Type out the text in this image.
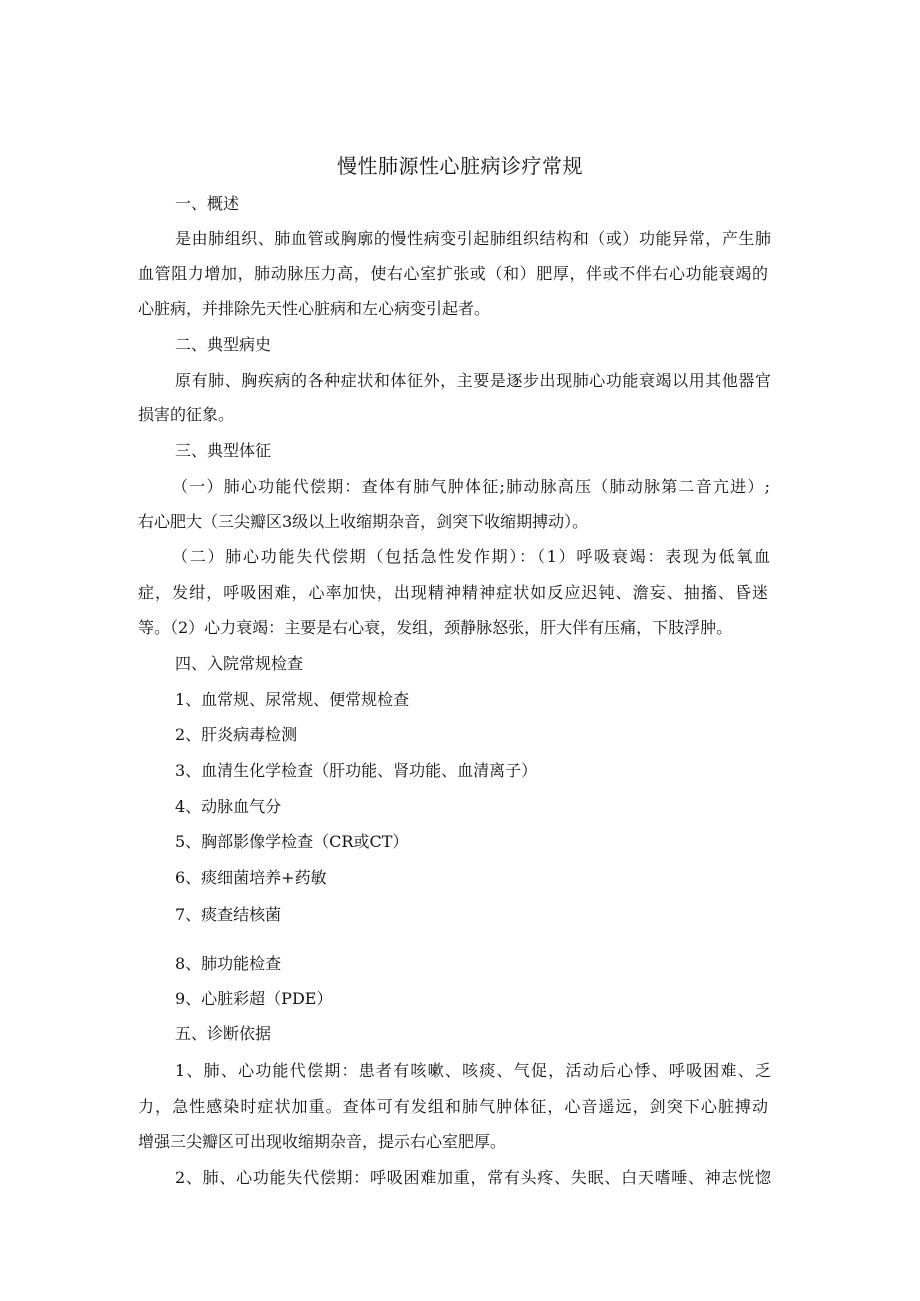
慢性肺源性心脏病诊疗常规
一、概述
是由肺组织、肺血管或胸廓的慢性病变引起肺组织结构和（或）功能异常，产生肺
血管阻力增加，肺动脉压力高，使右心室扩张或（和）肥厚，伴或不伴右心功能衰竭的
心脏病，并排除先天性心脏病和左心病变引起者。
二、典型病史
原有肺、胸疾病的各种症状和体征外，主要是逐步出现肺心功能衰竭以用其他器官
损害的征象。
三、典型体征
（一）肺心功能代偿期：查体有肺气肿体征;肺动脉高压（肺动脉第二音亢进）;
右心肥大（三尖瓣区3级以上收缩期杂音，剑突下收缩期搏动）。
（二）肺心功能失代偿期（包括急性发作期）：（1）呼吸衰竭：表现为低氧血
症，发绀，呼吸困难，心率加快，出现精神精神症状如反应迟钝、澹妄、抽搐、昏迷
等。（2）心力衰竭：主要是右心衰，发组，颈静脉怒张，肝大伴有压痛，下肢浮肿。
四、入院常规检查
1、血常规、尿常规、便常规检查
2、肝炎病毒检测
3、血清生化学检查（肝功能、肾功能、血清离子）
4、动脉血气分
5、胸部影像学检查（CR或CT）
6、痰细菌培养+药敏
7、痰查结核菌
8、肺功能检查
9、心脏彩超（PDE）
五、诊断依据
1、肺、心功能代偿期：患者有咳嗽、咳痰、气促，活动后心悸、呼吸困难、乏
力，急性感染时症状加重。查体可有发组和肺气肿体征，心音遥远，剑突下心脏搏动
增强三尖瓣区可出现收缩期杂音，提示右心室肥厚。
2、肺、心功能失代偿期：呼吸困难加重，常有头疼、失眠、白天嗜唾、神志恍惚
